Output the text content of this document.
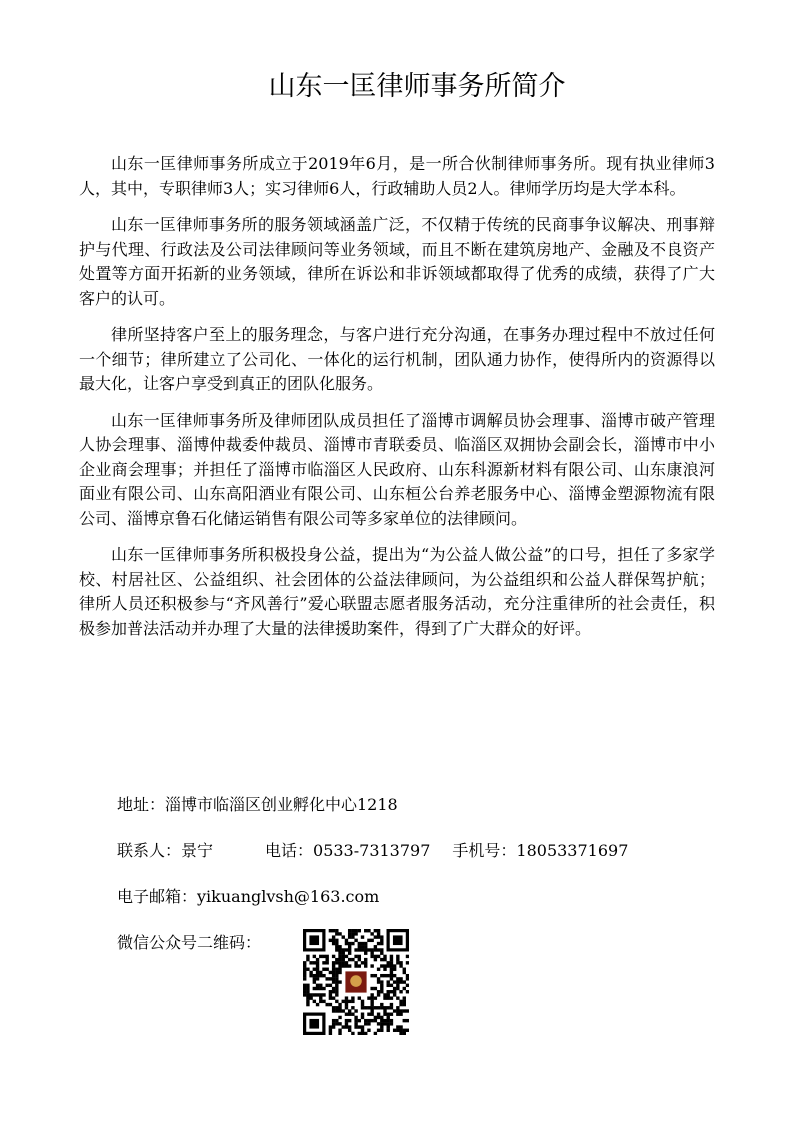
山东一匡律师事务所简介

山东一匡律师事务所成立于2019年6月，是一所合伙制律师事务所。现有执业律师3人，其中，专职律师3人；实习律师6人，行政辅助人员2人。律师学历均是大学本科。

山东一匡律师事务所的服务领域涵盖广泛，不仅精于传统的民商事争议解决、刑事辩护与代理、行政法及公司法律顾问等业务领域，而且不断在建筑房地产、金融及不良资产处置等方面开拓新的业务领域，律所在诉讼和非诉领域都取得了优秀的成绩，获得了广大客户的认可。

律所坚持客户至上的服务理念，与客户进行充分沟通，在事务办理过程中不放过任何一个细节；律所建立了公司化、一体化的运行机制，团队通力协作，使得所内的资源得以最大化，让客户享受到真正的团队化服务。

山东一匡律师事务所及律师团队成员担任了淄博市调解员协会理事、淄博市破产管理人协会理事、淄博仲裁委仲裁员、淄博市青联委员、临淄区双拥协会副会长，淄博市中小企业商会理事；并担任了淄博市临淄区人民政府、山东科源新材料有限公司、山东康浪河面业有限公司、山东高阳酒业有限公司、山东桓公台养老服务中心、淄博金塑源物流有限公司、淄博京鲁石化储运销售有限公司等多家单位的法律顾问。

山东一匡律师事务所积极投身公益，提出为“为公益人做公益”的口号，担任了多家学校、村居社区、公益组织、社会团体的公益法律顾问，为公益组织和公益人群保驾护航；律所人员还积极参与“齐风善行”爱心联盟志愿者服务活动，充分注重律所的社会责任，积极参加普法活动并办理了大量的法律援助案件，得到了广大群众的好评。

地址：淄博市临淄区创业孵化中心1218
联系人：景宁	电话：0533-7313797 手机号：18053371697
电子邮箱：yikuanglvsh@163.com
微信公众号二维码：
